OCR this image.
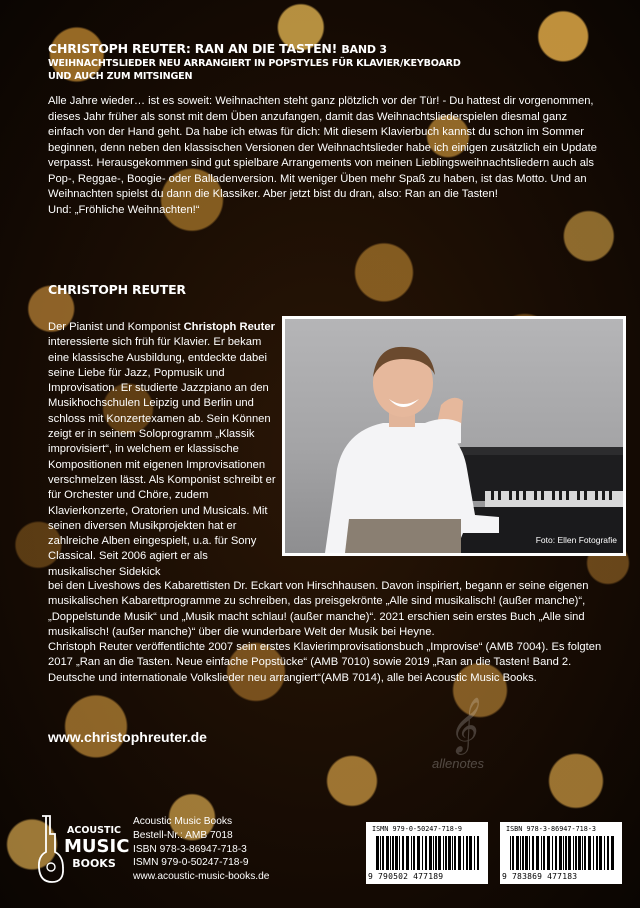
CHRISTOPH REUTER: RAN AN DIE TASTEN! BAND 3
WEIHNACHTSLIEDER NEU ARRANGIERT IN POPSTYLES FÜR KLAVIER/KEYBOARD
UND AUCH ZUM MITSINGEN

Alle Jahre wieder… ist es soweit: Weihnachten steht ganz plötzlich vor der Tür! - Du hattest dir vorgenommen, dieses Jahr früher als sonst mit dem Üben anzufangen, damit das Weihnachtsliederspielen diesmal ganz einfach von der Hand geht. Da habe ich etwas für dich: Mit diesem Klavierbuch kannst du schon im Sommer beginnen, denn neben den klassischen Versionen der Weihnachtslieder habe ich einigen zusätzlich ein Update verpasst. Herausgekommen sind gut spielbare Arrangements von meinen Lieblingsweihnachtsliedern auch als Pop-, Reggae-, Boogie- oder Balladenversion. Mit weniger Üben mehr Spaß zu haben, ist das Motto. Und an Weihnachten spielst du dann die Klassiker. Aber jetzt bist du dran, also: Ran an die Tasten!

Und: „Fröhliche Weihnachten!“

CHRISTOPH REUTER
Foto: Ellen Fotografie

Der Pianist und Komponist Christoph Reuter interessierte sich früh für Klavier. Er bekam eine klassische Ausbildung, entdeckte dabei seine Liebe für Jazz, Popmusik und Improvisation. Er studierte Jazzpiano an den Musikhochschulen Leipzig und Berlin und schloss mit Konzertexamen ab. Sein Können zeigt er in seinem Soloprogramm „Klassik improvisiert“, in welchem er klassische Kompositionen mit eigenen Improvisationen verschmelzen lässt. Als Komponist schreibt er für Orchester und Chöre, zudem Klavierkonzerte, Oratorien und Musicals. Mit seinen diversen Musikprojekten hat er zahlreiche Alben eingespielt, u.a. für Sony Classical. Seit 2006 agiert er als musikalischer Sidekick

bei den Liveshows des Kabarettisten Dr. Eckart von Hirschhausen. Davon inspiriert, begann er seine eigenen musikalischen Kabarettprogramme zu schreiben, das preisgekrönte „Alle sind musikalisch! (außer manche)“, „Doppelstunde Musik“ und „Musik macht schlau! (außer manche)“. 2021 erschien sein erstes Buch „Alle sind musikalisch! (außer manche)“ über die wunderbare Welt der Musik bei Heyne.

Christoph Reuter veröffentlichte 2007 sein erstes Klavierimprovisationsbuch „Improvise“ (AMB 7004). Es folgten 2017 „Ran an die Tasten. Neue einfache Popstücke“ (AMB 7010) sowie 2019 „Ran an die Tasten! Band 2. Deutsche und internationale Volkslieder neu arrangiert“(AMB 7014), alle bei Acoustic Music Books.

www.christophreuter.de	𝄞
allenotes
ACOUSTIC
MUSIC
BOOKS
Acoustic Music Books
Bestell-Nr.: AMB 7018
ISBN 978-3-86947-718-3
ISMN 979-0-50247-718-9
www.acoustic-music-books.de
ISMN 979-0-50247-718-9
9 790502 477189
ISBN 978-3-86947-718-3
9 783869 477183
